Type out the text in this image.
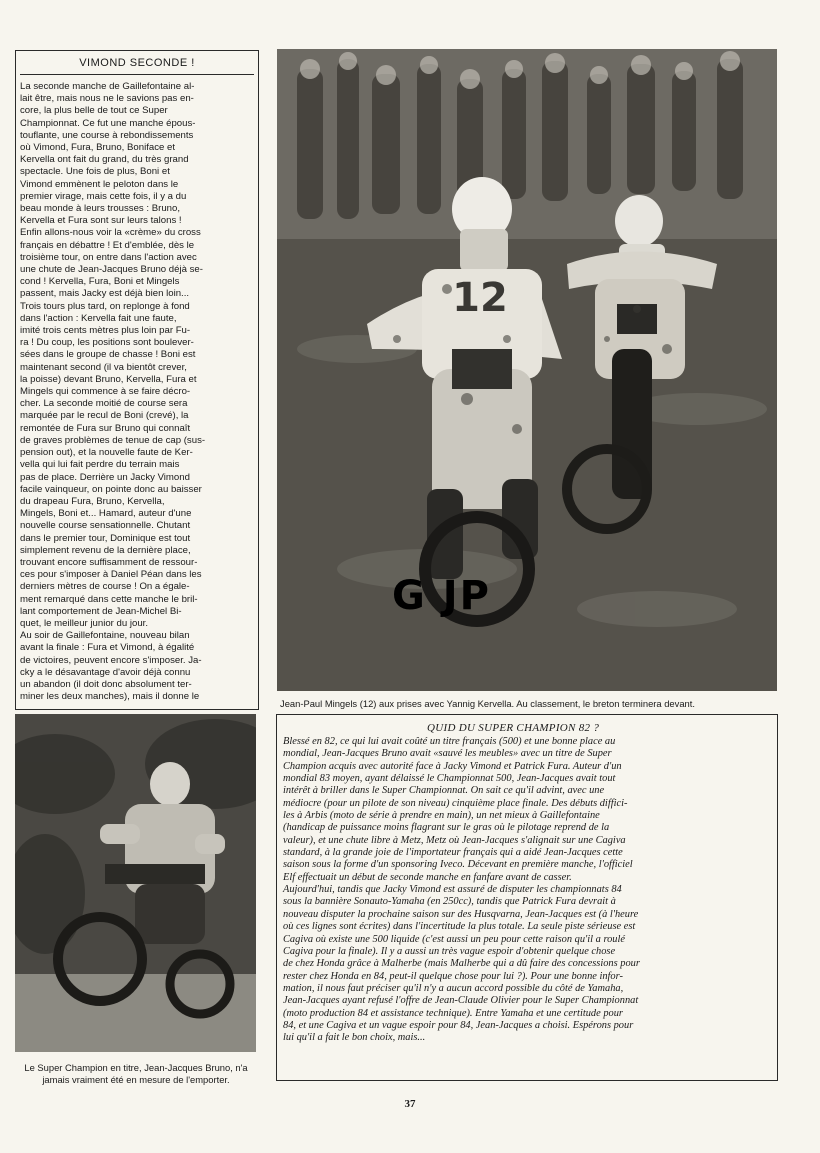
VIMOND SECONDE !
La seconde manche de Gaillefontaine al-
lait être, mais nous ne le savions pas en-
core, la plus belle de tout ce Super
Championnat. Ce fut une manche épous-
touflante, une course à rebondissements
où Vimond, Fura, Bruno, Boniface et
Kervella ont fait du grand, du très grand
spectacle. Une fois de plus, Boni et
Vimond emmènent le peloton dans le
premier virage, mais cette fois, il y a du
beau monde à leurs trousses : Bruno,
Kervella et Fura sont sur leurs talons !
Enfin allons-nous voir la «crème» du cross
français en débattre ! Et d'emblée, dès le
troisième tour, on entre dans l'action avec
une chute de Jean-Jacques Bruno déjà se-
cond ! Kervella, Fura, Boni et Mingels
passent, mais Jacky est déjà bien loin...
Trois tours plus tard, on replonge à fond
dans l'action : Kervella fait une faute,
imité trois cents mètres plus loin par Fu-
ra ! Du coup, les positions sont boulever-
sées dans le groupe de chasse ! Boni est
maintenant second (il va bientôt crever,
la poisse) devant Bruno, Kervella, Fura et
Mingels qui commence à se faire décro-
cher. La seconde moitié de course sera
marquée par le recul de Boni (crevé), la
remontée de Fura sur Bruno qui connaît
de graves problèmes de tenue de cap (sus-
pension out), et la nouvelle faute de Ker-
vella qui lui fait perdre du terrain mais
pas de place. Derrière un Jacky Vimond
facile vainqueur, on pointe donc au baisser
du drapeau Fura, Bruno, Kervella,
Mingels, Boni et... Hamard, auteur d'une
nouvelle course sensationnelle. Chutant
dans le premier tour, Dominique est tout
simplement revenu de la dernière place,
trouvant encore suffisamment de ressour-
ces pour s'imposer à Daniel Péan dans les
derniers mètres de course ! On a égale-
ment remarqué dans cette manche le bril-
lant comportement de Jean-Michel Bi-
quet, le meilleur junior du jour.
Au soir de Gaillefontaine, nouveau bilan
avant la finale : Fura et Vimond, à égalité
de victoires, peuvent encore s'imposer. Ja-
cky a le désavantage d'avoir déjà connu
un abandon (il doit donc absolument ter-
miner les deux manches), mais il donne le
12
G JP
Jean-Paul Mingels (12) aux prises avec Yannig Kervella. Au classement, le breton terminera devant.
Le Super Champion en titre, Jean-Jacques Bruno, n'a jamais vraiment été en mesure de l'emporter.
QUID DU SUPER CHAMPION 82 ?
Blessé en 82, ce qui lui avait coûté un titre français (500) et une bonne place au
mondial, Jean-Jacques Bruno avait «sauvé les meubles» avec un titre de Super
Champion acquis avec autorité face à Jacky Vimond et Patrick Fura. Auteur d'un
mondial 83 moyen, ayant délaissé le Championnat 500, Jean-Jacques avait tout
intérêt à briller dans le Super Championnat. On sait ce qu'il advint, avec une
médiocre (pour un pilote de son niveau) cinquième place finale. Des débuts diffici-
les à Arbis (moto de série à prendre en main), un net mieux à Gaillefontaine
(handicap de puissance moins flagrant sur le gras où le pilotage reprend de la
valeur), et une chute libre à Metz, Metz où Jean-Jacques s'alignait sur une Cagiva
standard, à la grande joie de l'importateur français qui a aidé Jean-Jacques cette
saison sous la forme d'un sponsoring Iveco. Décevant en première manche, l'officiel
Elf effectuait un début de seconde manche en fanfare avant de casser.
Aujourd'hui, tandis que Jacky Vimond est assuré de disputer les championnats 84
sous la bannière Sonauto-Yamaha (en 250cc), tandis que Patrick Fura devrait à
nouveau disputer la prochaine saison sur des Husqvarna, Jean-Jacques est (à l'heure
où ces lignes sont écrites) dans l'incertitude la plus totale. La seule piste sérieuse est
Cagiva où existe une 500 liquide (c'est aussi un peu pour cette raison qu'il a roulé
Cagiva pour la finale). Il y a aussi un très vague espoir d'obtenir quelque chose
de chez Honda grâce à Malherbe (mais Malherbe qui a dû faire des concessions pour
rester chez Honda en 84, peut-il quelque chose pour lui ?). Pour une bonne infor-
mation, il nous faut préciser qu'il n'y a aucun accord possible du côté de Yamaha,
Jean-Jacques ayant refusé l'offre de Jean-Claude Olivier pour le Super Championnat
(moto production 84 et assistance technique). Entre Yamaha et une certitude pour
84, et une Cagiva et un vague espoir pour 84, Jean-Jacques a choisi. Espérons pour
lui qu'il a fait le bon choix, mais...
37
